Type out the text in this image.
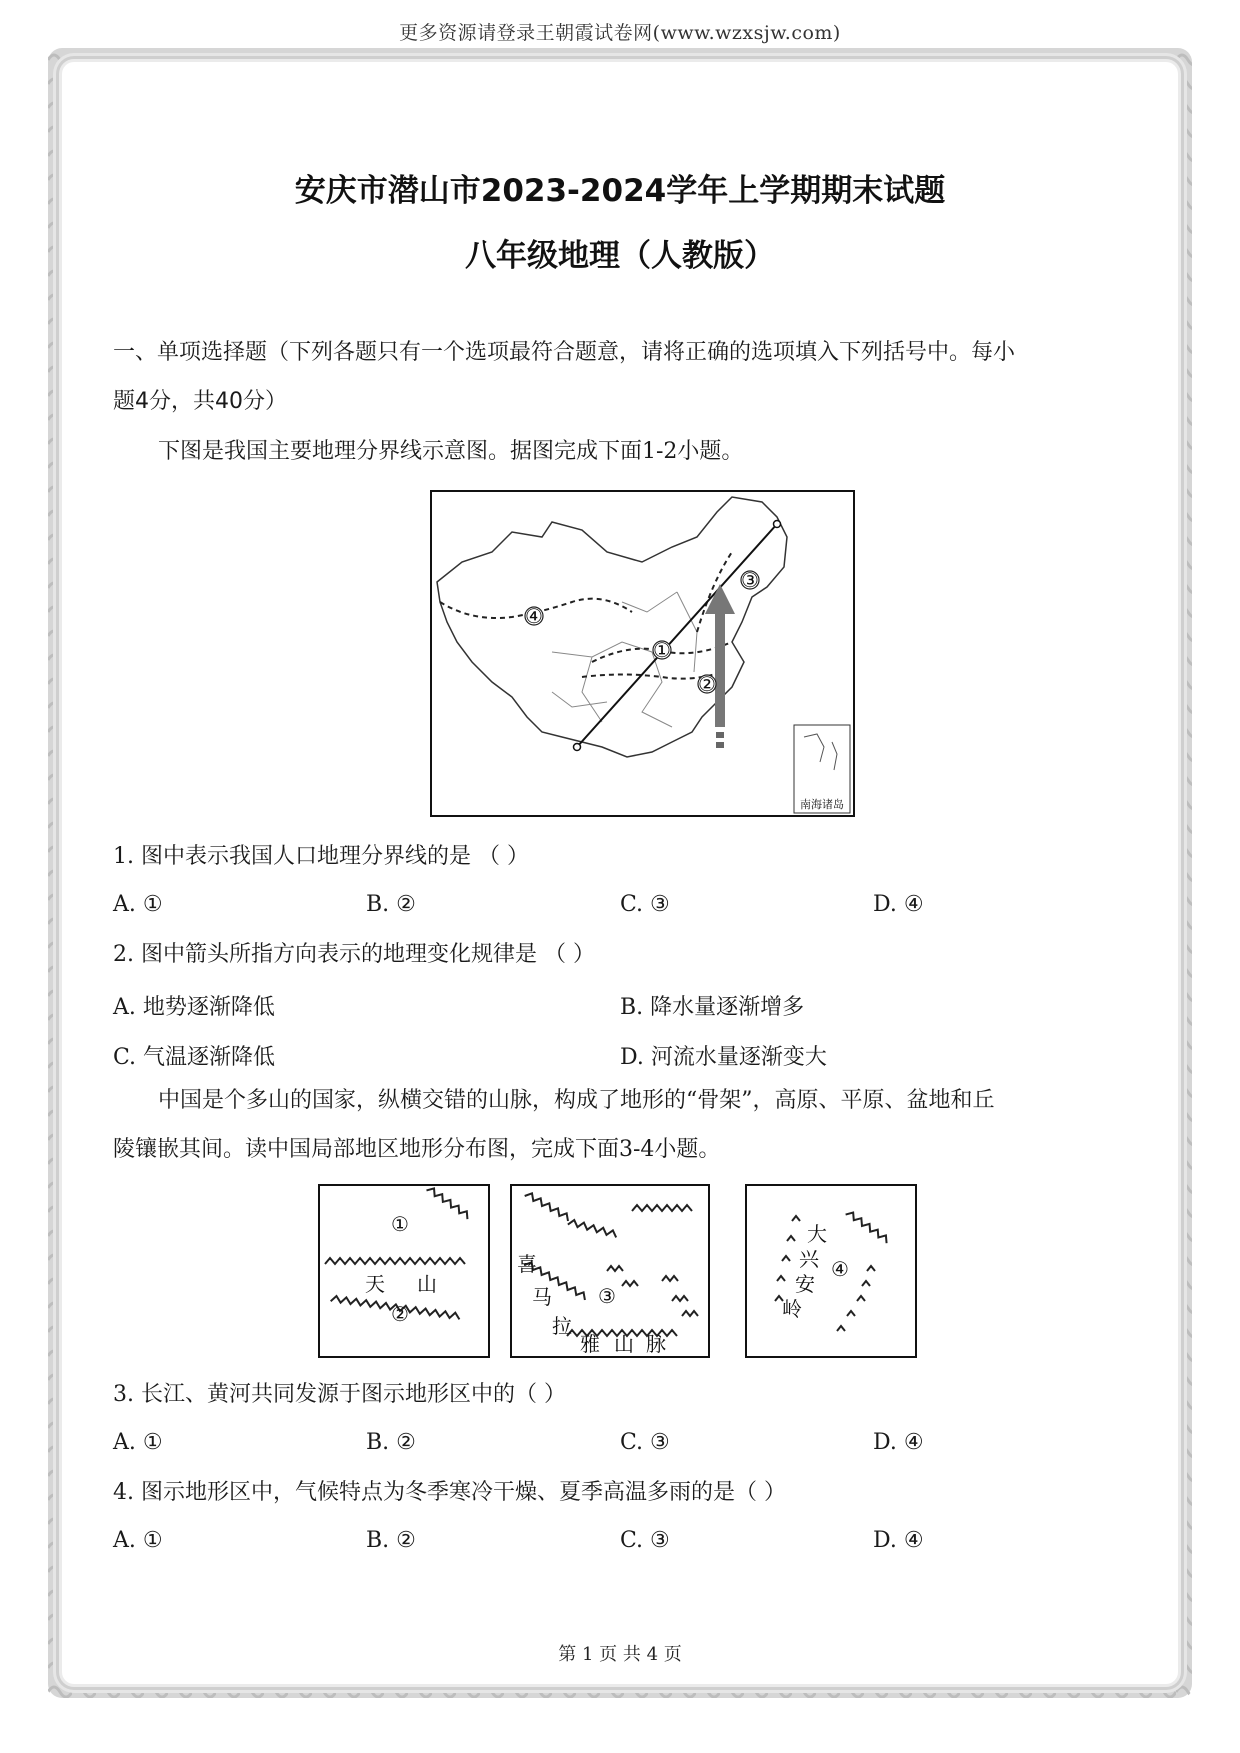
更多资源请登录王朝霞试卷网(www.wzxsjw.com)
安庆市潜山市2023-2024学年上学期期末试题
八年级地理（人教版）
一、单项选择题（下列各题只有一个选项最符合题意，请将正确的选项填入下列括号中。每小
题4分，共40分）
下图是我国主要地理分界线示意图。据图完成下面1-2小题。
④
①
②
③
南海诸岛
1. 图中表示我国人口地理分界线的是 （ ）
A. ①	B. ②	C. ③	D. ④
2. 图中箭头所指方向表示的地理变化规律是 （ ）
A. 地势逐渐降低	B. 降水量逐渐增多
C. 气温逐渐降低	D. 河流水量逐渐变大
中国是个多山的国家，纵横交错的山脉，构成了地形的“骨架”，高原、平原、盆地和丘
陵镶嵌其间。读中国局部地区地形分布图，完成下面3-4小题。
①
天 山
②
喜
马
拉
雅 山 脉
③
大
兴
安
岭
④
3. 长江、黄河共同发源于图示地形区中的（ ）
A. ①	B. ②	C. ③	D. ④
4. 图示地形区中，气候特点为冬季寒冷干燥、夏季高温多雨的是（ ）
A. ①	B. ②	C. ③	D. ④
第 1 页 共 4 页
